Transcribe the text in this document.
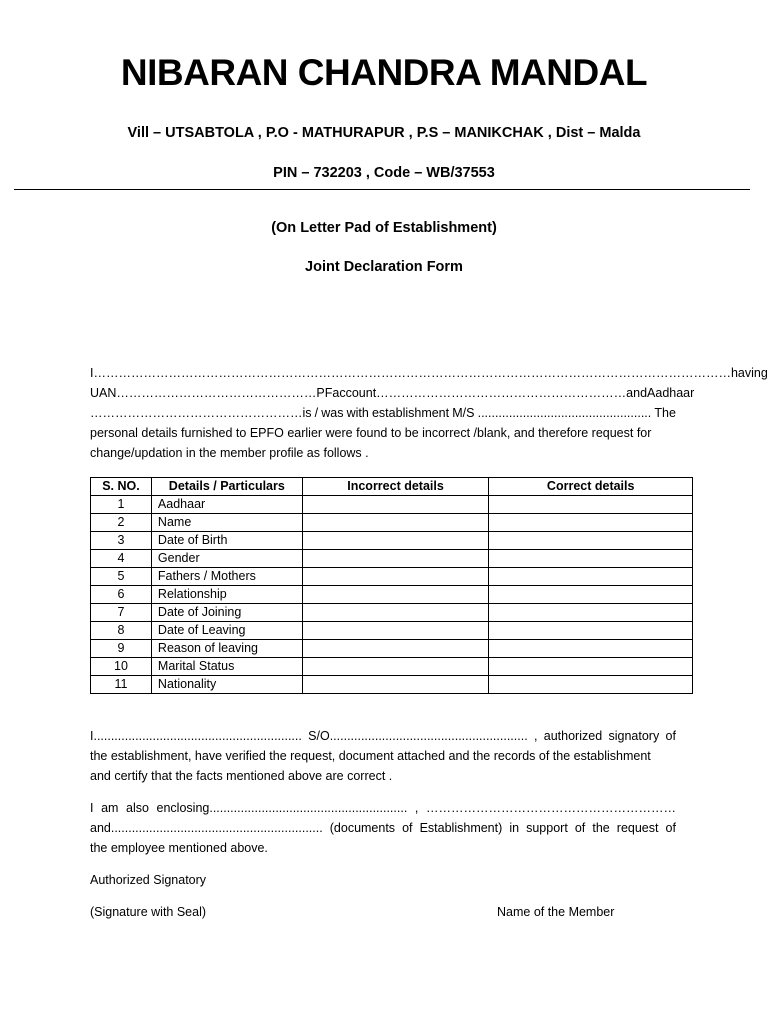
NIBARAN CHANDRA MANDAL
Vill – UTSABTOLA , P.O - MATHURAPUR , P.S – MANIKCHAK , Dist – Malda
PIN – 732203 , Code – WB/37553
(On Letter Pad of Establishment)
Joint Declaration Form
I……………………………………………………………………………………………………………………………………… having
UAN …………………………………………PF account ……………………………………………………and Aadhaar
……………………………………………is / was with establishment M/S .................................................. The
personal details furnished to EPFO earlier were found to be incorrect /blank, and therefore request for
change/updation in the member profile as follows .
S. NO.	Details / Particulars	Incorrect details	Correct details
1	Aadhaar		
2	Name		
3	Date of Birth		
4	Gender		
5	Fathers / Mothers		
6	Relationship		
7	Date of Joining		
8	Date of Leaving		
9	Reason of leaving		
10	Marital Status		
11	Nationality		
I............................................................ S/O......................................................... , authorized signatory of
the establishment, have verified the request, document attached and the records of the establishment
and certify that the facts mentioned above are correct .
I am also enclosing......................................................... , ……………………………………………………
and............................................................. (documents of Establishment) in support of the request of
the employee mentioned above.
Authorized Signatory
(Signature with Seal)	Name of the Member
